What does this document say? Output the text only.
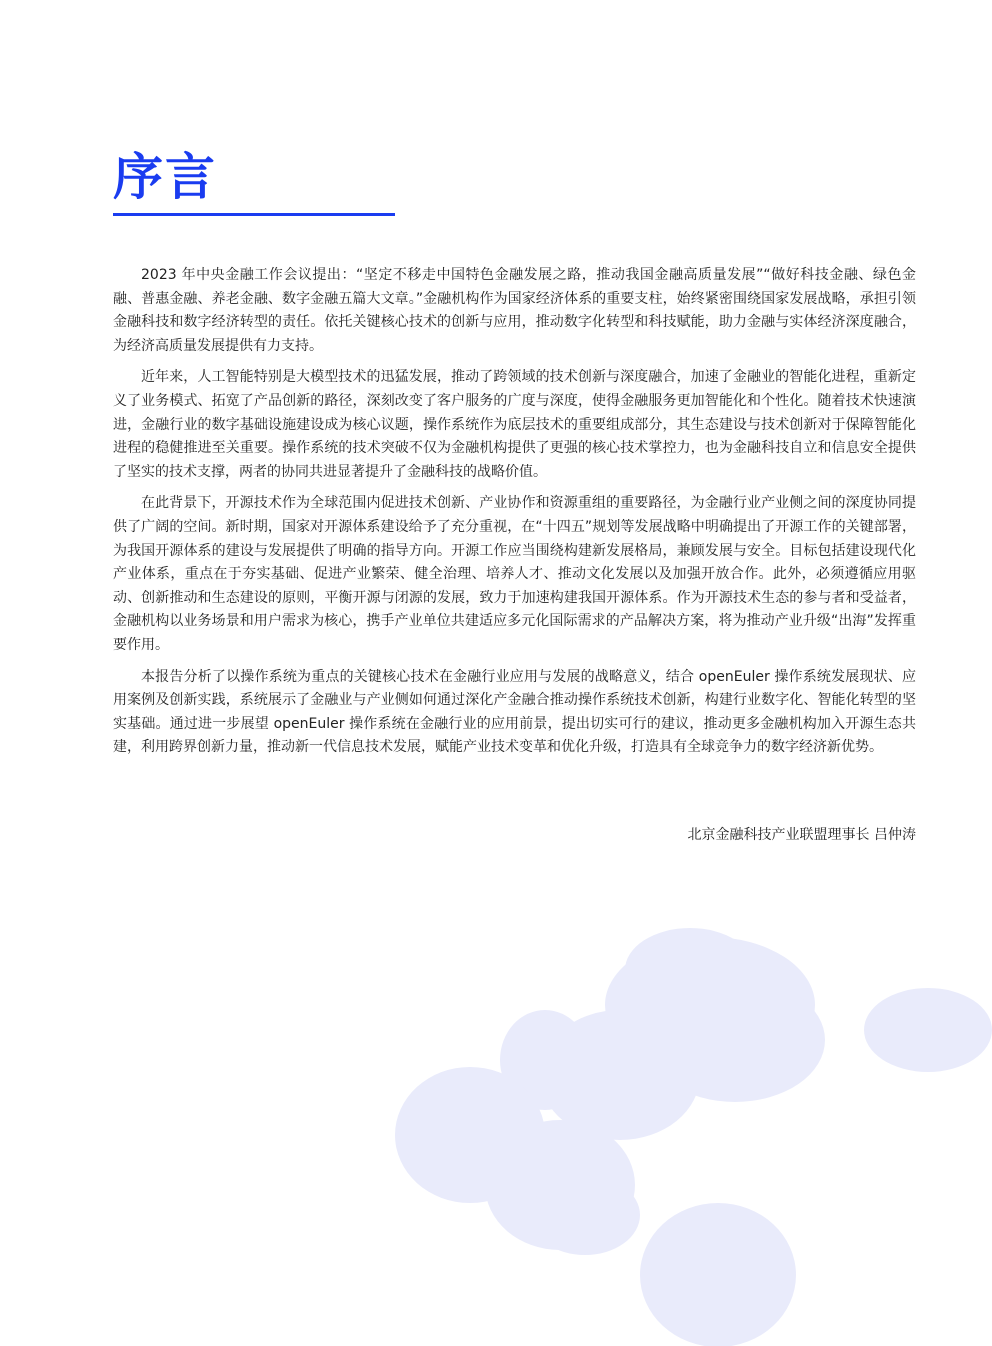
序言

2023 年中央金融工作会议提出：“坚定不移走中国特色金融发展之路，推动我国金融高质量发展”“做好科技金融、绿色金融、普惠金融、养老金融、数字金融五篇大文章。”金融机构作为国家经济体系的重要支柱，始终紧密围绕国家发展战略，承担引领金融科技和数字经济转型的责任。依托关键核心技术的创新与应用，推动数字化转型和科技赋能，助力金融与实体经济深度融合，为经济高质量发展提供有力支持。

近年来，人工智能特别是大模型技术的迅猛发展，推动了跨领域的技术创新与深度融合，加速了金融业的智能化进程，重新定义了业务模式、拓宽了产品创新的路径，深刻改变了客户服务的广度与深度，使得金融服务更加智能化和个性化。随着技术快速演进，金融行业的数字基础设施建设成为核心议题，操作系统作为底层技术的重要组成部分，其生态建设与技术创新对于保障智能化进程的稳健推进至关重要。操作系统的技术突破不仅为金融机构提供了更强的核心技术掌控力，也为金融科技自立和信息安全提供了坚实的技术支撑，两者的协同共进显著提升了金融科技的战略价值。

在此背景下，开源技术作为全球范围内促进技术创新、产业协作和资源重组的重要路径，为金融行业产业侧之间的深度协同提供了广阔的空间。新时期，国家对开源体系建设给予了充分重视，在“十四五”规划等发展战略中明确提出了开源工作的关键部署，为我国开源体系的建设与发展提供了明确的指导方向。开源工作应当围绕构建新发展格局，兼顾发展与安全。目标包括建设现代化产业体系，重点在于夯实基础、促进产业繁荣、健全治理、培养人才、推动文化发展以及加强开放合作。此外，必须遵循应用驱动、创新推动和生态建设的原则，平衡开源与闭源的发展，致力于加速构建我国开源体系。作为开源技术生态的参与者和受益者，金融机构以业务场景和用户需求为核心，携手产业单位共建适应多元化国际需求的产品解决方案，将为推动产业升级“出海”发挥重要作用。

本报告分析了以操作系统为重点的关键核心技术在金融行业应用与发展的战略意义，结合 openEuler 操作系统发展现状、应用案例及创新实践，系统展示了金融业与产业侧如何通过深化产金融合推动操作系统技术创新，构建行业数字化、智能化转型的坚实基础。通过进一步展望 openEuler 操作系统在金融行业的应用前景，提出切实可行的建议，推动更多金融机构加入开源生态共建，利用跨界创新力量，推动新一代信息技术发展，赋能产业技术变革和优化升级，打造具有全球竞争力的数字经济新优势。

北京金融科技产业联盟理事长 吕仲涛
